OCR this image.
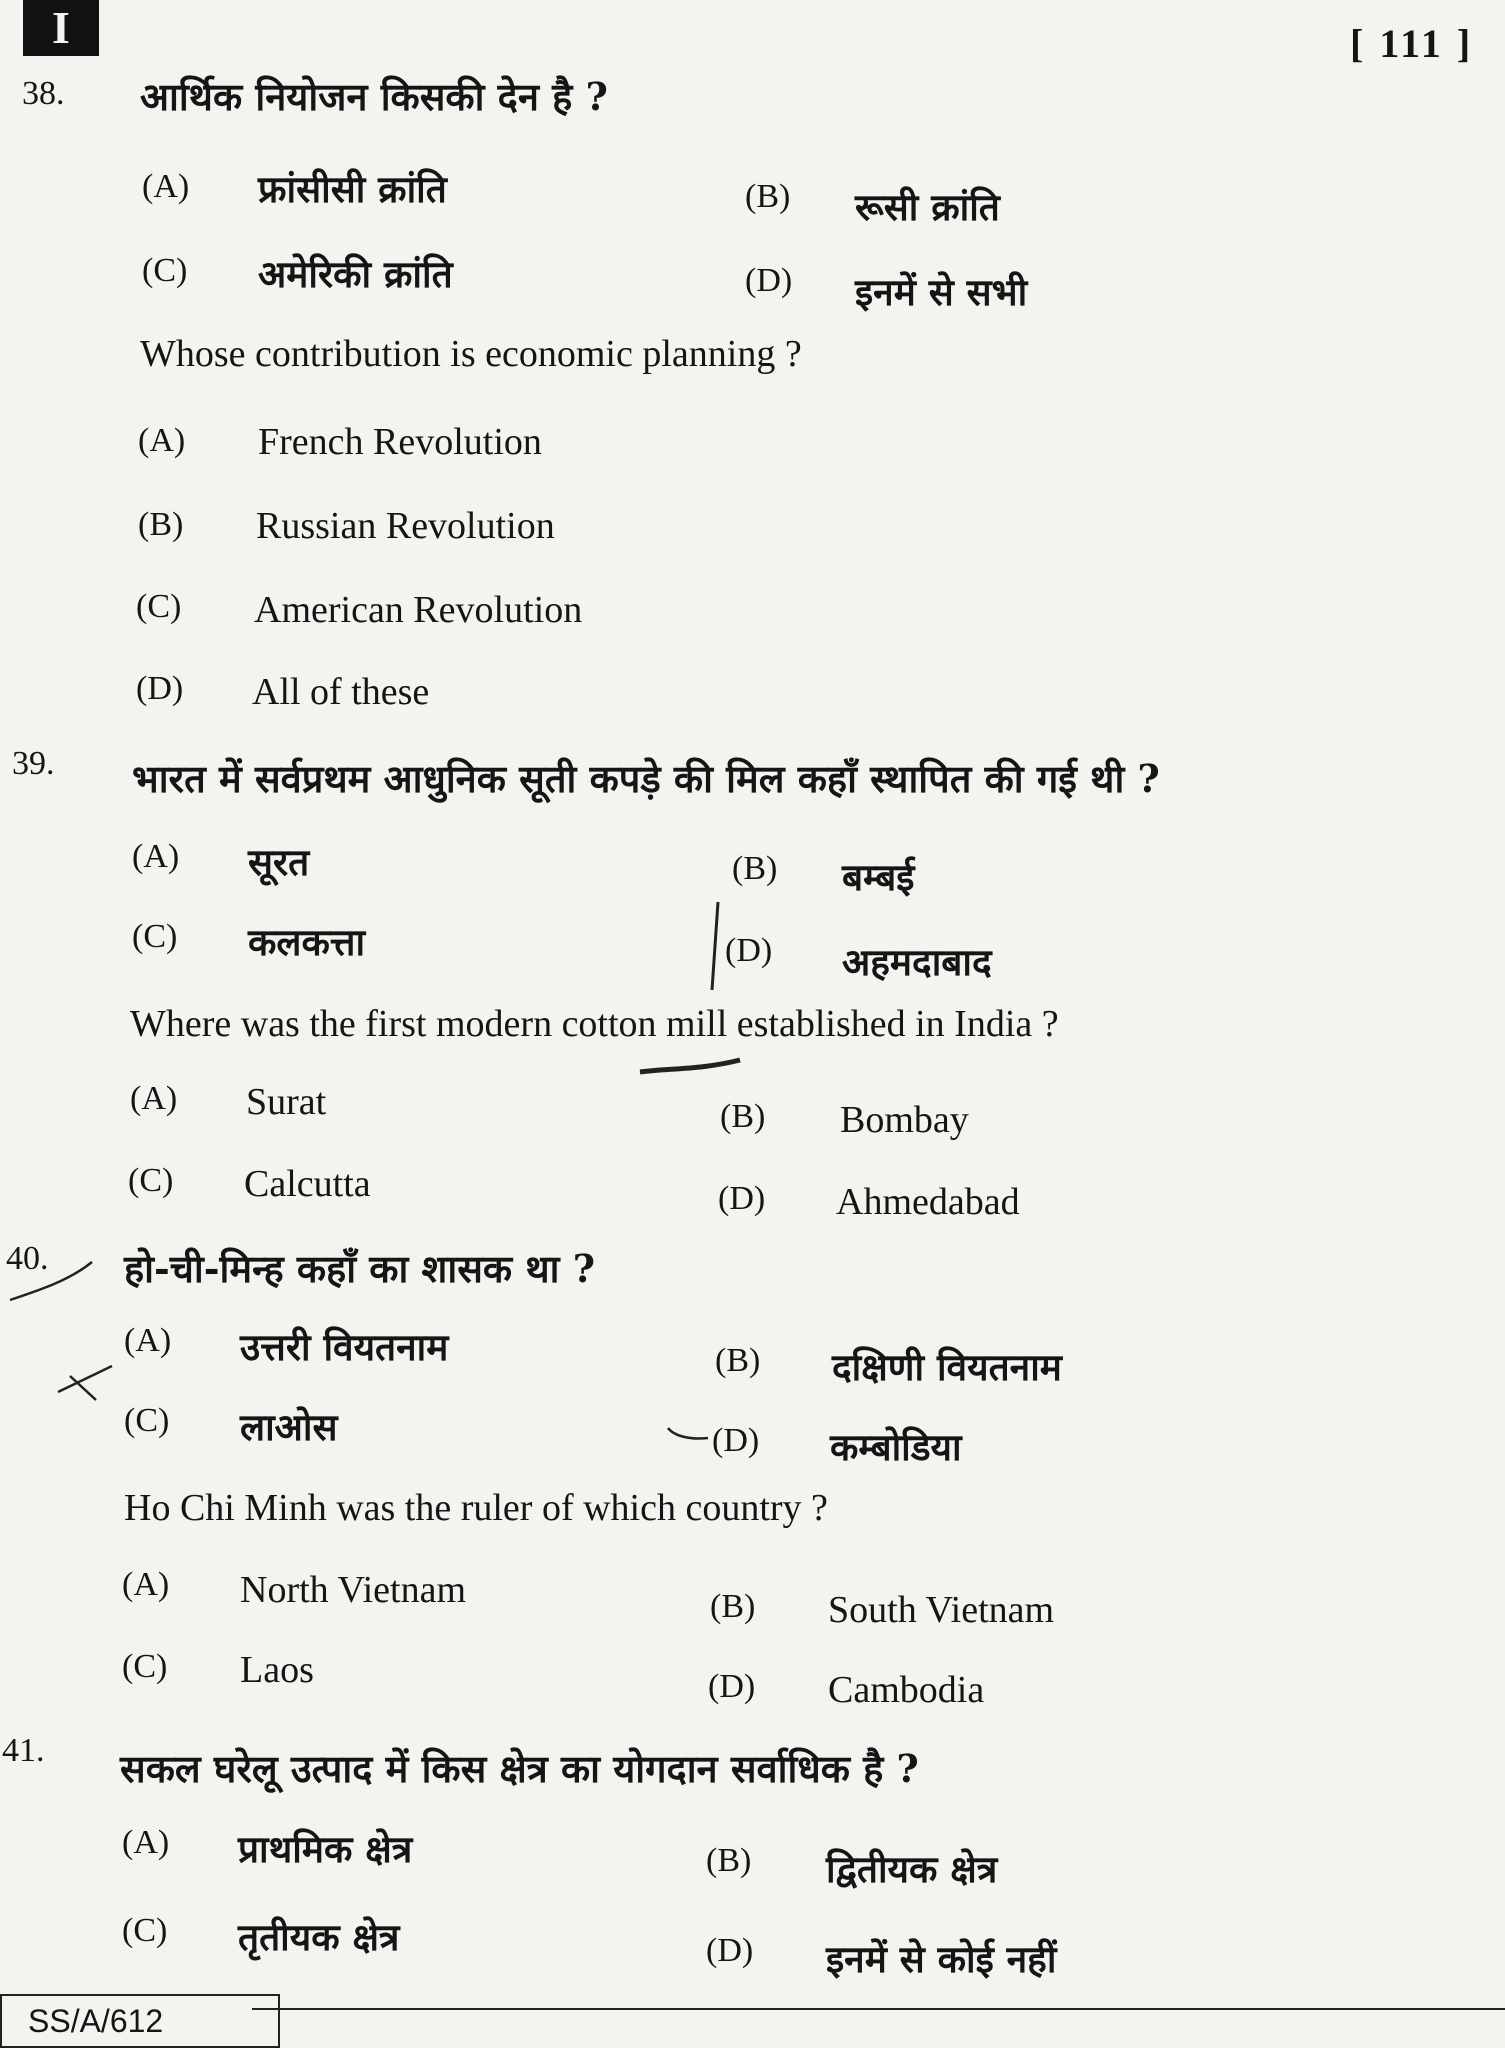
I	[ 111 ]
38. आर्थिक नियोजन किसकी देन है ?
(A) फ्रांसीसी क्रांति	(B) रूसी क्रांति
(C) अमेरिकी क्रांति	(D) इनमें से सभी
Whose contribution is economic planning ?
(A) French Revolution
(B) Russian Revolution
(C) American Revolution
(D) All of these
39. भारत में सर्वप्रथम आधुनिक सूती कपड़े की मिल कहाँ स्थापित की गई थी ?
(A) सूरत	(B) बम्बई
(C) कलकत्ता	(D) अहमदाबाद
Where was the first modern cotton mill established in India ?
(A) Surat	(B) Bombay
(C) Calcutta	(D) Ahmedabad
40. हो-ची-मिन्ह कहाँ का शासक था ?
(A) उत्तरी वियतनाम	(B) दक्षिणी वियतनाम
(C) लाओस	(D) कम्बोडिया
Ho Chi Minh was the ruler of which country ?
(A) North Vietnam	(B) South Vietnam
(C) Laos	(D) Cambodia
41. सकल घरेलू उत्पाद में किस क्षेत्र का योगदान सर्वाधिक है ?
(A) प्राथमिक क्षेत्र	(B) द्वितीयक क्षेत्र
(C) तृतीयक क्षेत्र	(D) इनमें से कोई नहीं
SS/A/612
